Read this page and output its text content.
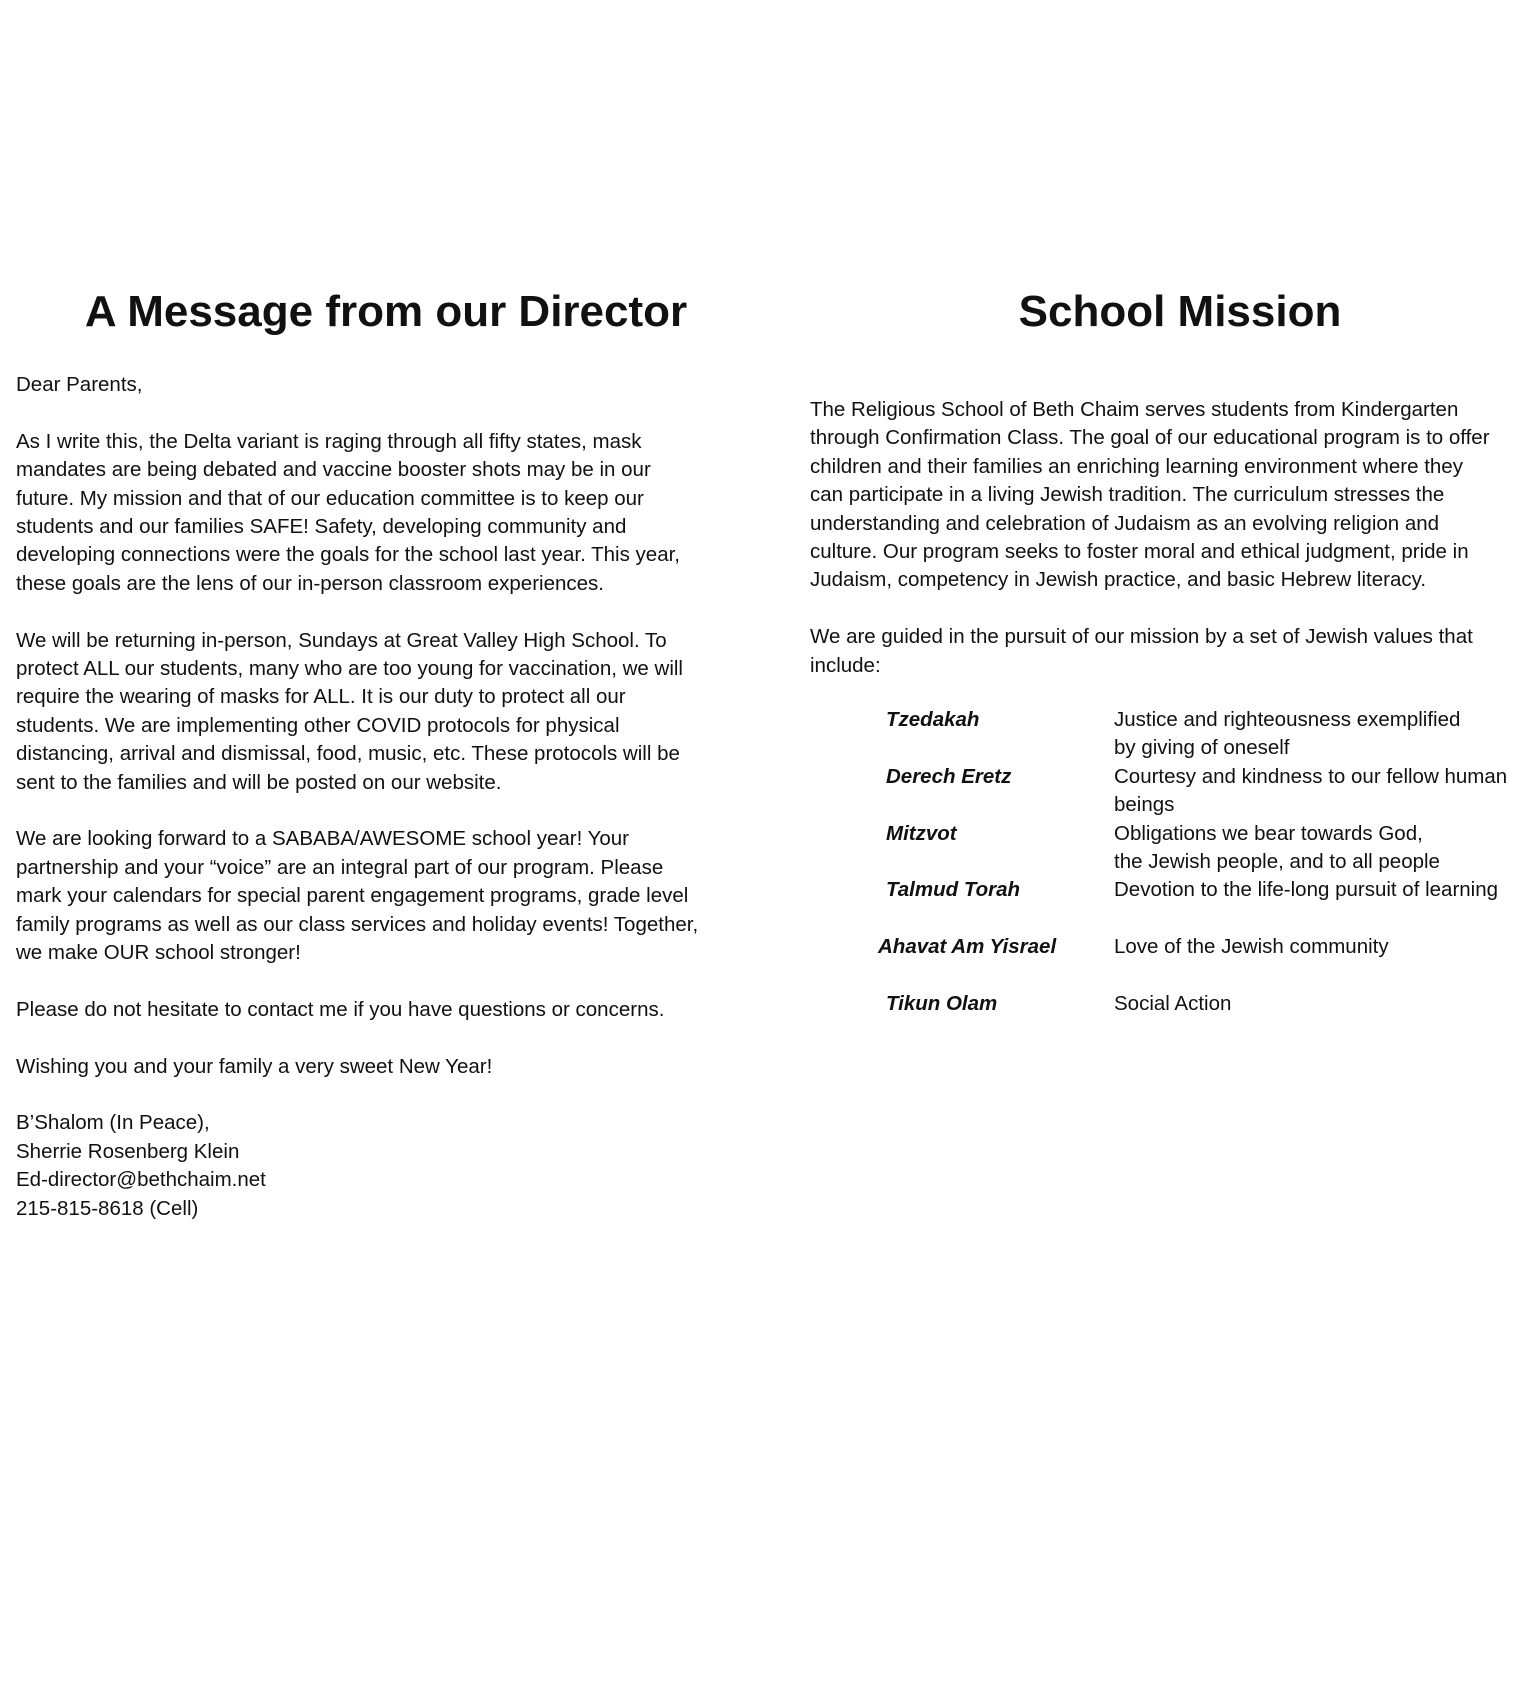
A Message from our Director

Dear Parents,

As I write this, the Delta variant is raging through all fifty states, mask
mandates are being debated and vaccine booster shots may be in our
future. My mission and that of our education committee is to keep our
students and our families SAFE! Safety, developing community and
developing connections were the goals for the school last year. This year,
these goals are the lens of our in-person classroom experiences.

We will be returning in-person, Sundays at Great Valley High School. To
protect ALL our students, many who are too young for vaccination, we will
require the wearing of masks for ALL. It is our duty to protect all our
students. We are implementing other COVID protocols for physical
distancing, arrival and dismissal, food, music, etc. These protocols will be
sent to the families and will be posted on our website.

We are looking forward to a SABABA/AWESOME school year! Your
partnership and your “voice” are an integral part of our program. Please
mark your calendars for special parent engagement programs, grade level
family programs as well as our class services and holiday events! Together,
we make OUR school stronger!

Please do not hesitate to contact me if you have questions or concerns.

Wishing you and your family a very sweet New Year!

B’Shalom (In Peace),
Sherrie Rosenberg Klein
Ed-director@bethchaim.net
215-815-8618 (Cell)

School Mission

The Religious School of Beth Chaim serves students from Kindergarten
through Confirmation Class. The goal of our educational program is to offer
children and their families an enriching learning environment where they
can participate in a living Jewish tradition. The curriculum stresses the
understanding and celebration of Judaism as an evolving religion and
culture. Our program seeks to foster moral and ethical judgment, pride in
Judaism, competency in Jewish practice, and basic Hebrew literacy.

We are guided in the pursuit of our mission by a set of Jewish values that
include:

Tzedakah	Justice and righteousness exemplified
by giving of oneself
Derech Eretz	Courtesy and kindness to our fellow human
beings
Mitzvot	Obligations we bear towards God,
the Jewish people, and to all people
Talmud Torah	Devotion to the life-long pursuit of learning
Ahavat Am Yisrael	Love of the Jewish community
Tikun Olam	Social Action
